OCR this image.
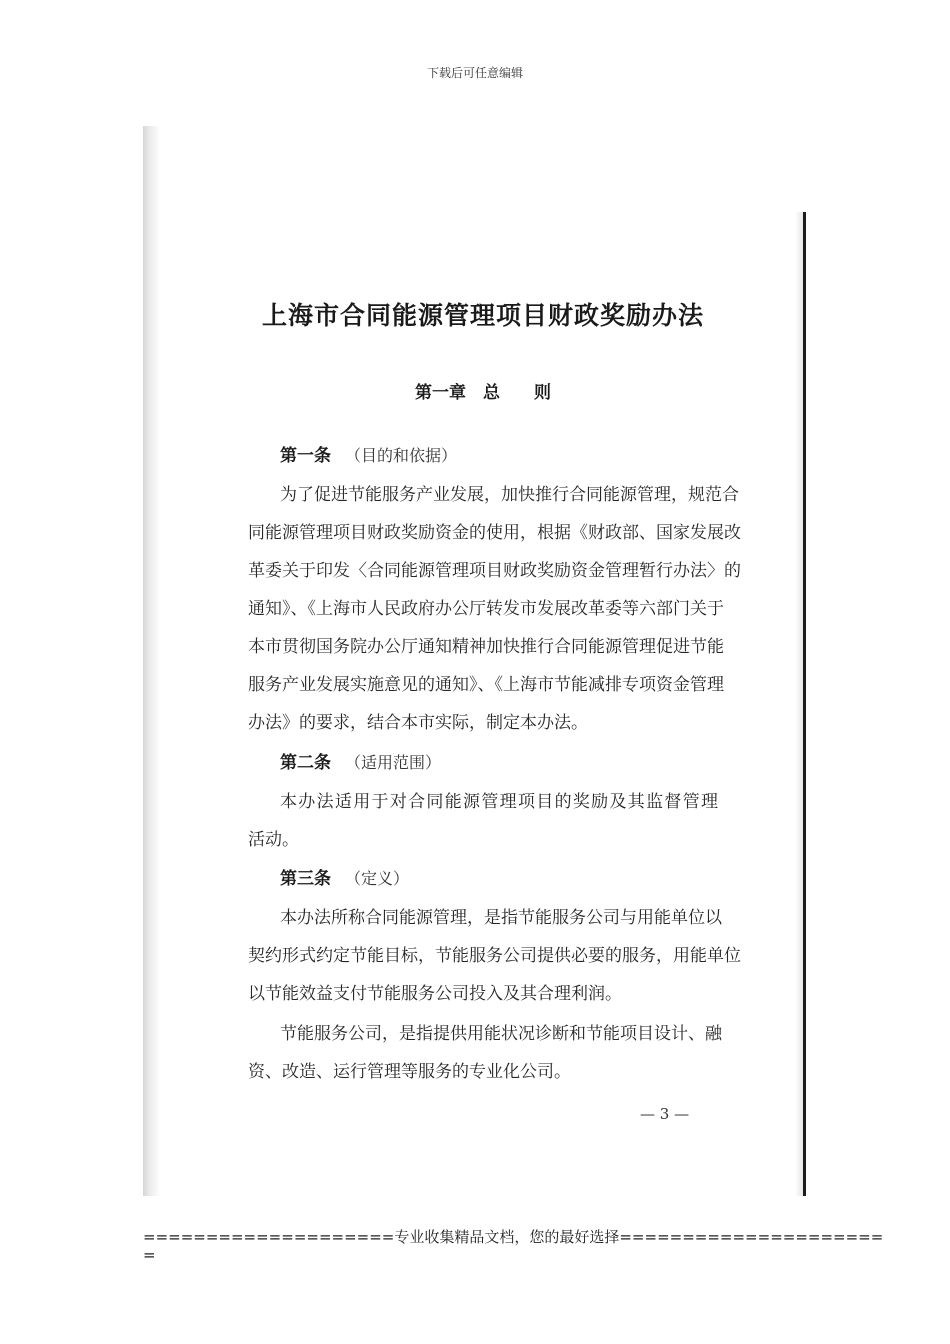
下载后可任意编辑
上海市合同能源管理项目财政奖励办法
第一章　总　　则
第一条 （目的和依据）
为了促进节能服务产业发展，加快推行合同能源管理，规范合
同能源管理项目财政奖励资金的使用，根据《财政部、国家发展改
革委关于印发〈合同能源管理项目财政奖励资金管理暂行办法〉的
通知》、《上海市人民政府办公厅转发市发展改革委等六部门关于
本市贯彻国务院办公厅通知精神加快推行合同能源管理促进节能
服务产业发展实施意见的通知》、《上海市节能减排专项资金管理
办法》的要求，结合本市实际，制定本办法。
第二条 （适用范围）
本办法适用于对合同能源管理项目的奖励及其监督管理
活动。
第三条 （定义）
本办法所称合同能源管理，是指节能服务公司与用能单位以
契约形式约定节能目标，节能服务公司提供必要的服务，用能单位
以节能效益支付节能服务公司投入及其合理利润。
节能服务公司，是指提供用能状况诊断和节能项目设计、融
资、改造、运行管理等服务的专业化公司。
— 3 —
====================专业收集精品文档，您的最好选择=====================
=
